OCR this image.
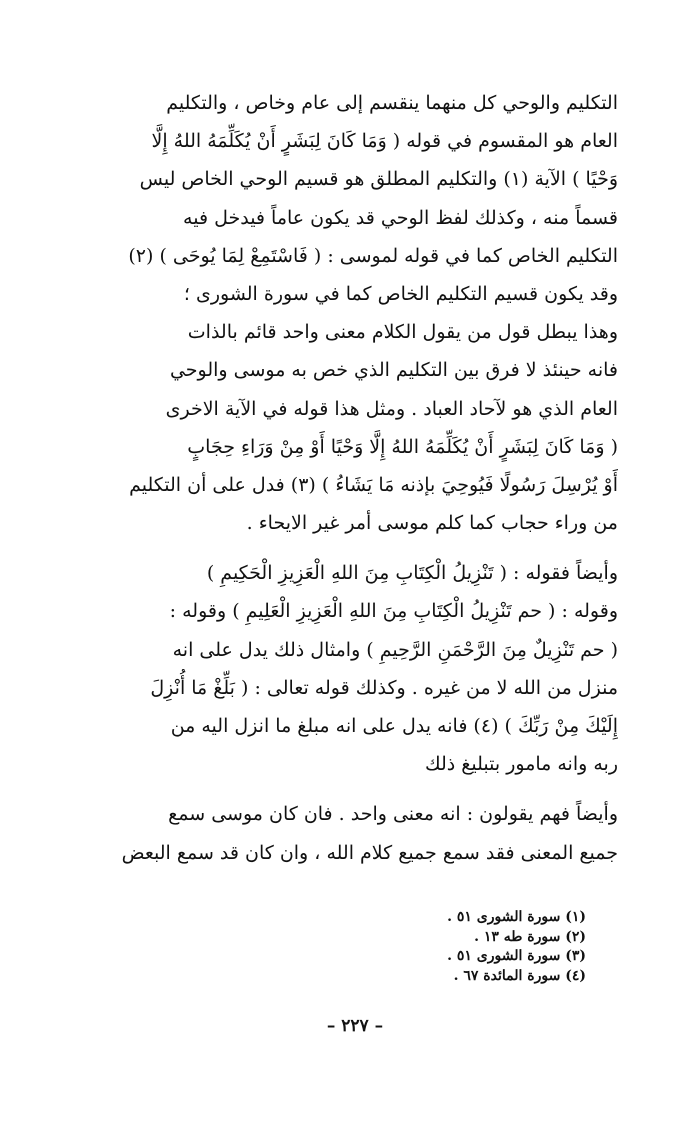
التكليم والوحي كل منهما ينقسم إلى عام وخاص ، والتكليم
العام هو المقسوم في قوله ( وَمَا كَانَ لِبَشَرٍ أَنْ يُكَلِّمَهُ اللهُ إِلَّا
وَحْيًا ) الآية (١) والتكليم المطلق هو قسيم الوحي الخاص ليس
قسماً منه ، وكذلك لفظ الوحي قد يكون عاماً فيدخل فيه
التكليم الخاص كما في قوله لموسى : ( فَاسْتَمِعْ لِمَا يُوحَى ) (٢)
وقد يكون قسيم التكليم الخاص كما في سورة الشورى ؛
وهذا يبطل قول من يقول الكلام معنى واحد قائم بالذات
فانه حينئذ لا فرق بين التكليم الذي خص به موسى والوحي
العام الذي هو لآحاد العباد . ومثل هذا قوله في الآية الاخرى
( وَمَا كَانَ لِبَشَرٍ أَنْ يُكَلِّمَهُ اللهُ إِلَّا وَحْيًا أَوْ مِنْ وَرَاءِ حِجَابٍ
أَوْ يُرْسِلَ رَسُولًا فَيُوحِيَ بإذنه مَا يَشَاءُ ) (٣) فدل على أن التكليم
من وراء حجاب كما كلم موسى أمر غير الايحاء .
وأيضاً فقوله : ( تَنْزِيلُ الْكِتَابِ مِنَ اللهِ الْعَزِيزِ الْحَكِيمِ )
وقوله : ( حم تَنْزِيلُ الْكِتَابِ مِنَ اللهِ الْعَزِيزِ الْعَلِيمِ ) وقوله :
( حم تَنْزِيلٌ مِنَ الرَّحْمَنِ الرَّحِيمِ ) وامثال ذلك يدل على انه
منزل من الله لا من غيره . وكذلك قوله تعالى : ( بَلِّغْ مَا أُنْزِلَ
إِلَيْكَ مِنْ رَبِّكَ ) (٤) فانه يدل على انه مبلغ ما انزل اليه من
ربه وانه مامور بتبليغ ذلك
وأيضاً فهم يقولون : انه معنى واحد . فان كان موسى سمع
جميع المعنى فقد سمع جميع كلام الله ، وان كان قد سمع البعض
(١) سورة الشورى ٥١ .
(٢) سورة طه ١٣ .
(٣) سورة الشورى ٥١ .
(٤) سورة المائدة ٦٧ .
– ٢٢٧ –
